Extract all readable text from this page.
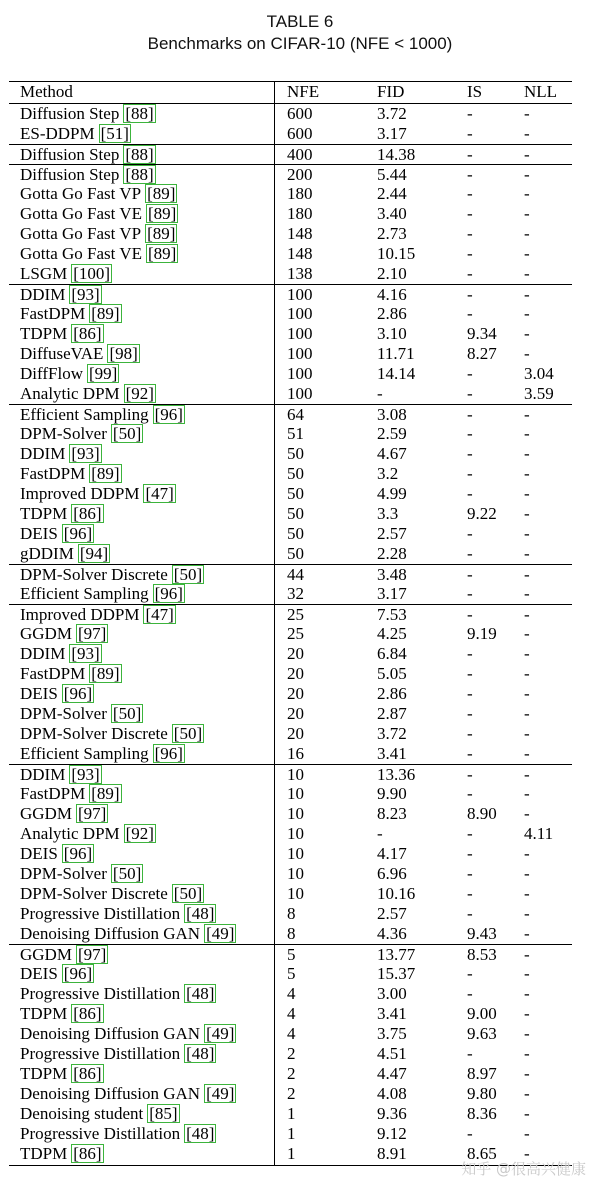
TABLE 6
Benchmarks on CIFAR-10 (NFE < 1000)
Method	NFE	FID	IS NLL
Diffusion Step [88]	600	3.72	-	-
ES-DDPM [51]	600	3.17	-	-
Diffusion Step [88]	400	14.38	-	-
Diffusion Step [88]	200	5.44	-	-
Gotta Go Fast VP [89]	180	2.44	-	-
Gotta Go Fast VE [89]	180	3.40	-	-
Gotta Go Fast VP [89]	148	2.73	-	-
Gotta Go Fast VE [89]	148	10.15	-	-
LSGM [100]	138	2.10	-	-
DDIM [93]	100	4.16	-	-
FastDPM [89]	100	2.86	-	-
TDPM [86]	100	3.10	9.34 -
DiffuseVAE [98]	100	11.71	8.27 -
DiffFlow [99]	100	14.14	-	3.04
Analytic DPM [92]	100	-	-	3.59
Efficient Sampling [96]	64	3.08	-	-
DPM-Solver [50]	51	2.59	-	-
DDIM [93]	50	4.67	-	-
FastDPM [89]	50	3.2	-	-
Improved DDPM [47]	50	4.99	-	-
TDPM [86]	50	3.3	9.22 -
DEIS [96]	50	2.57	-	-
gDDIM [94]	50	2.28	-	-
DPM-Solver Discrete [50]	44	3.48	-	-
Efficient Sampling [96]	32	3.17	-	-
Improved DDPM [47]	25	7.53	-	-
GGDM [97]	25	4.25	9.19 -
DDIM [93]	20	6.84	-	-
FastDPM [89]	20	5.05	-	-
DEIS [96]	20	2.86	-	-
DPM-Solver [50]	20	2.87	-	-
DPM-Solver Discrete [50]	20	3.72	-	-
Efficient Sampling [96]	16	3.41	-	-
DDIM [93]	10	13.36	-	-
FastDPM [89]	10	9.90	-	-
GGDM [97]	10	8.23	8.90 -
Analytic DPM [92]	10	-	-	4.11
DEIS [96]	10	4.17	-	-
DPM-Solver [50]	10	6.96	-	-
DPM-Solver Discrete [50]	10	10.16	-	-
Progressive Distillation [48]	8	2.57	-	-
Denoising Diffusion GAN [49]	8	4.36	9.43 -
GGDM [97]	5	13.77	8.53 -
DEIS [96]	5	15.37	-	-
Progressive Distillation [48]	4	3.00	-	-
TDPM [86]	4	3.41	9.00 -
Denoising Diffusion GAN [49]	4	3.75	9.63 -
Progressive Distillation [48]	2	4.51	-	-
TDPM [86]	2	4.47	8.97 -
Denoising Diffusion GAN [49]	2	4.08	9.80 -
Denoising student [85]	1	9.36	8.36 -
Progressive Distillation [48]	1	9.12	-	-
TDPM [86]	1	8.91	8.65 -
知乎 @很高兴健康
